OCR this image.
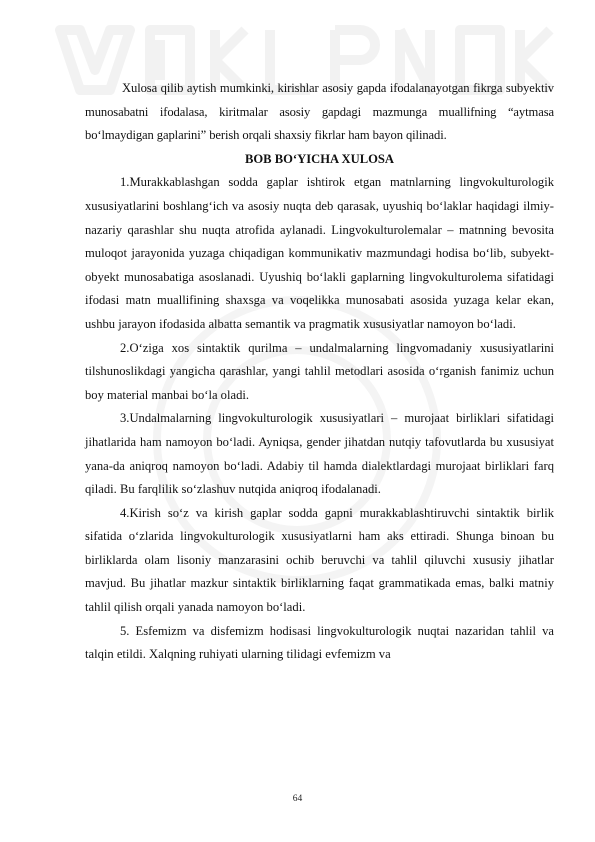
Xulosa qilib aytish mumkinki, kirishlar asosiy gapda ifodalanayotgan fikrga subyektiv munosabatni ifodalasa, kiritmalar asosiy gapdagi mazmunga muallifning “aytmasa bo‘lmaydigan gaplarini” berish orqali shaxsiy fikrlar ham bayon qilinadi.

BOB BO‘YICHA XULOSA

1.Murakkablashgan sodda gaplar ishtirok etgan matnlarning lingvokulturologik xususiyatlarini boshlang‘ich va asosiy nuqta deb qarasak, uyushiq bo‘laklar haqidagi ilmiy-nazariy qarashlar shu nuqta atrofida aylanadi. Lingvokulturolemalar – matnning bevosita muloqot jarayonida yuzaga chiqadigan kommunikativ mazmundagi hodisa bo‘lib, subyekt-obyekt munosabatiga asoslanadi. Uyushiq bo‘lakli gaplarning lingvokulturolema sifatidagi ifodasi matn muallifining shaxsga va voqelikka munosabati asosida yuzaga kelar ekan, ushbu jarayon ifodasida albatta semantik va pragmatik xususiyatlar namoyon bo‘ladi.

2.O‘ziga xos sintaktik qurilma – undalmalarning lingvomadaniy xususiyatlarini tilshunoslikdagi yangicha qarashlar, yangi tahlil metodlari asosida o‘rganish fanimiz uchun boy material manbai bo‘la oladi.

3.Undalmalarning lingvokulturologik xususiyatlari – murojaat birliklari sifatidagi jihatlarida ham namoyon bo‘ladi. Ayniqsa, gender jihatdan nutqiy tafovutlarda bu xususiyat yana-da aniqroq namoyon bo‘ladi. Adabiy til hamda dialektlardagi murojaat birliklari farq qiladi. Bu farqlilik so‘zlashuv nutqida aniqroq ifodalanadi.

4.Kirish so‘z va kirish gaplar sodda gapni murakkablashtiruvchi sintaktik birlik sifatida o‘zlarida lingvokulturologik xususiyatlarni ham aks ettiradi. Shunga binoan bu birliklarda olam lisoniy manzarasini ochib beruvchi va tahlil qiluvchi xususiy jihatlar mavjud. Bu jihatlar mazkur sintaktik birliklarning faqat grammatikada emas, balki matniy tahlil qilish orqali yanada namoyon bo‘ladi.

5. Esfemizm va disfemizm hodisasi lingvokulturologik nuqtai nazaridan tahlil va talqin etildi. Xalqning ruhiyati ularning tilidagi evfemizm va

64
